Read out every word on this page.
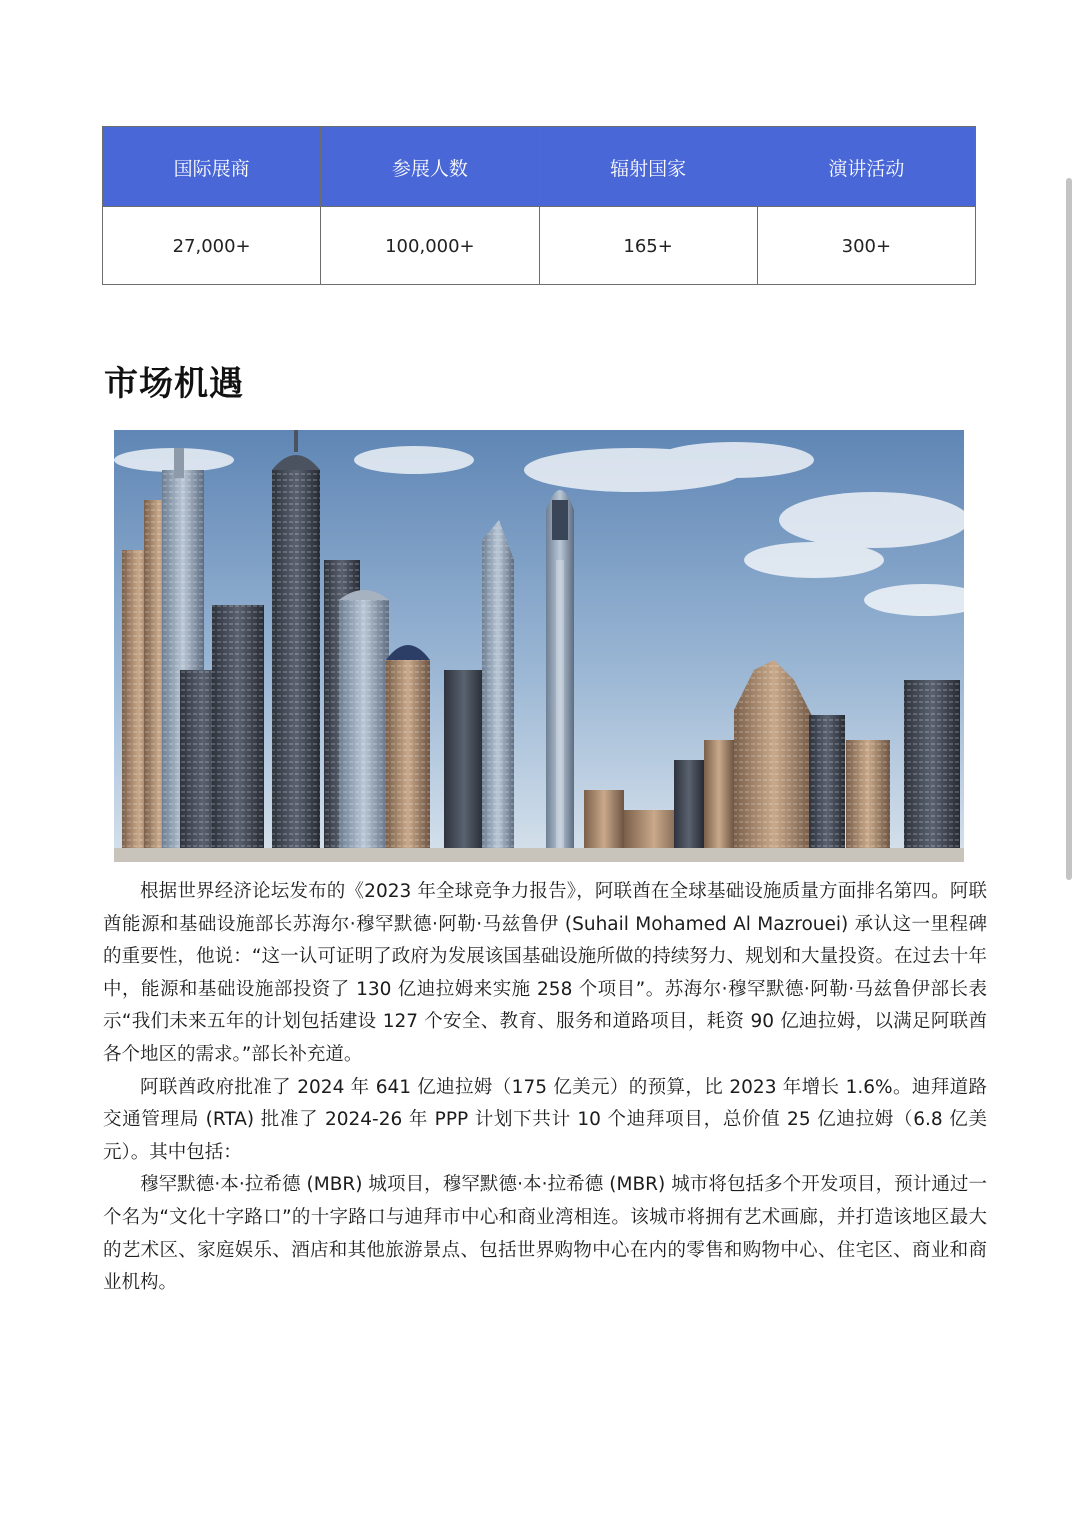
国际展商	参展人数	辐射国家	演讲活动
27,000+	100,000+	165+	300+
市场机遇

根据世界经济论坛发布的《2023 年全球竞争力报告》，阿联酋在全球基础设施质量方面排名第四。阿联酋能源和基础设施部长苏海尔·穆罕默德·阿勒·马兹鲁伊 (Suhail Mohamed Al Mazrouei) 承认这一里程碑的重要性，他说：“这一认可证明了政府为发展该国基础设施所做的持续努力、规划和大量投资。在过去十年中，能源和基础设施部投资了 130 亿迪拉姆来实施 258 个项目”。苏海尔·穆罕默德·阿勒·马兹鲁伊部长表示“我们未来五年的计划包括建设 127 个安全、教育、服务和道路项目，耗资 90 亿迪拉姆，以满足阿联酋各个地区的需求。”部长补充道。

阿联酋政府批准了 2024 年 641 亿迪拉姆（175 亿美元）的预算，比 2023 年增长 1.6%。迪拜道路交通管理局 (RTA) 批准了 2024-26 年 PPP 计划下共计 10 个迪拜项目，总价值 25 亿迪拉姆（6.8 亿美元）。其中包括：

穆罕默德·本·拉希德 (MBR) 城项目，穆罕默德·本·拉希德 (MBR) 城市将包括多个开发项目，预计通过一个名为“文化十字路口”的十字路口与迪拜市中心和商业湾相连。该城市将拥有艺术画廊，并打造该地区最大的艺术区、家庭娱乐、酒店和其他旅游景点、包括世界购物中心在内的零售和购物中心、住宅区、商业和商业机构。
